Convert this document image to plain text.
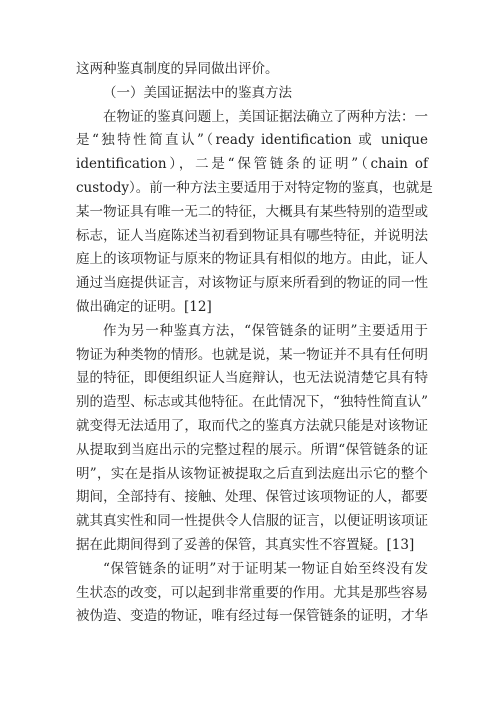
这两种鉴真制度的异同做出评价。
（一）美国证据法中的鉴真方法
在物证的鉴真问题上，美国证据法确立了两种方法：一
是“独特性简直认”（ready identification 或 unique
identification），二是“保管链条的证明”（chain of
custody）。前一种方法主要适用于对特定物的鉴真，也就是
某一物证具有唯一无二的特征，大概具有某些特别的造型或
标志，证人当庭陈述当初看到物证具有哪些特征，并说明法
庭上的该项物证与原来的物证具有相似的地方。由此，证人
通过当庭提供证言，对该物证与原来所看到的物证的同一性
做出确定的证明。[12]
作为另一种鉴真方法，“保管链条的证明”主要适用于
物证为种类物的情形。也就是说，某一物证并不具有任何明
显的特征，即便组织证人当庭辩认，也无法说清楚它具有特
别的造型、标志或其他特征。在此情况下，“独特性简直认”
就变得无法适用了，取而代之的鉴真方法就只能是对该物证
从提取到当庭出示的完整过程的展示。所谓“保管链条的证
明”，实在是指从该物证被提取之后直到法庭出示它的整个
期间，全部持有、接触、处理、保管过该项物证的人，都要
就其真实性和同一性提供令人信服的证言，以便证明该项证
据在此期间得到了妥善的保管，其真实性不容置疑。[13]
“保管链条的证明”对于证明某一物证自始至终没有发
生状态的改变，可以起到非常重要的作用。尤其是那些容易
被伪造、变造的物证，唯有经过每一保管链条的证明，才华
